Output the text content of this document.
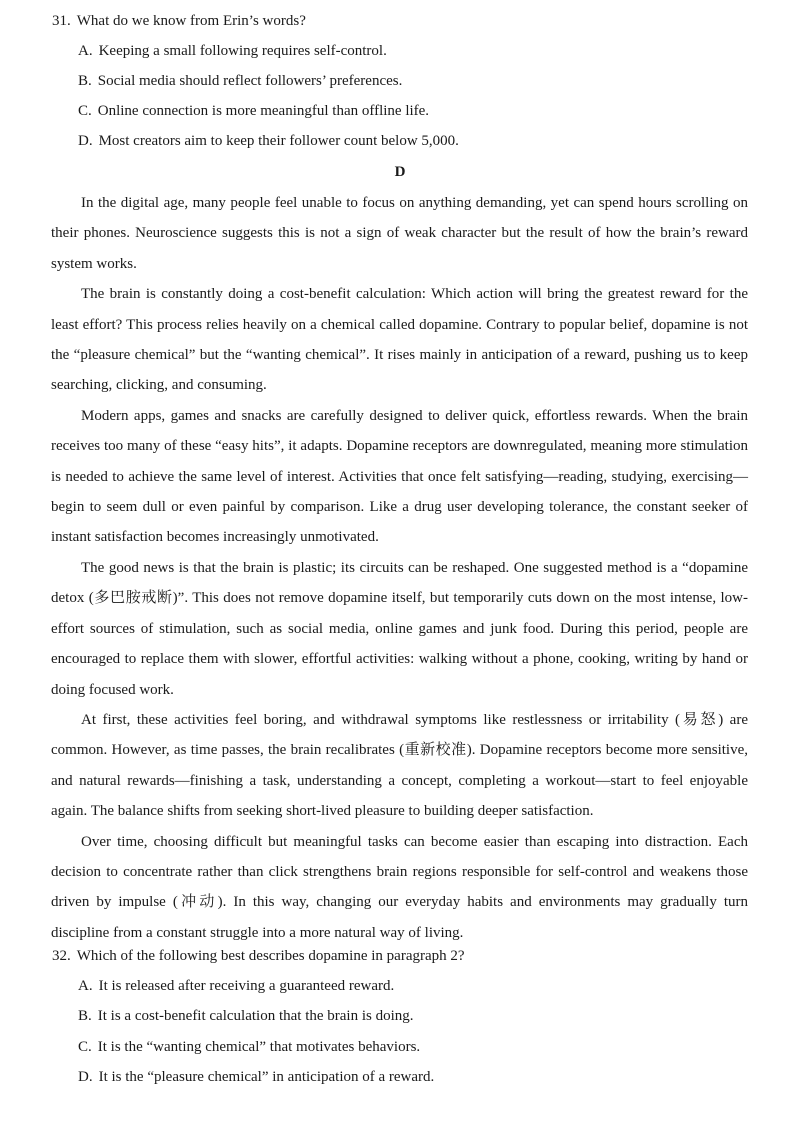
31. What do we know from Erin’s words?
A. Keeping a small following requires self-control.
B. Social media should reflect followers’ preferences.
C. Online connection is more meaningful than offline life.
D. Most creators aim to keep their follower count below 5,000.
D

In the digital age, many people feel unable to focus on anything demanding, yet can spend hours scrolling on their phones. Neuroscience suggests this is not a sign of weak character but the result of how the brain’s reward system works.

The brain is constantly doing a cost-benefit calculation: Which action will bring the greatest reward for the least effort? This process relies heavily on a chemical called dopamine. Contrary to popular belief, dopamine is not the “pleasure chemical” but the “wanting chemical”. It rises mainly in anticipation of a reward, pushing us to keep searching, clicking, and consuming.

Modern apps, games and snacks are carefully designed to deliver quick, effortless rewards. When the brain receives too many of these “easy hits”, it adapts. Dopamine receptors are downregulated, meaning more stimulation is needed to achieve the same level of interest. Activities that once felt satisfying—reading, studying, exercising—begin to seem dull or even painful by comparison. Like a drug user developing tolerance, the constant seeker of instant satisfaction becomes increasingly unmotivated.

The good news is that the brain is plastic; its circuits can be reshaped. One suggested method is a “dopamine detox (多巴胺戒断)”. This does not remove dopamine itself, but temporarily cuts down on the most intense, low-effort sources of stimulation, such as social media, online games and junk food. During this period, people are encouraged to replace them with slower, effortful activities: walking without a phone, cooking, writing by hand or doing focused work.

At first, these activities feel boring, and withdrawal symptoms like restlessness or irritability (易怒) are common. However, as time passes, the brain recalibrates (重新校准). Dopamine receptors become more sensitive, and natural rewards—finishing a task, understanding a concept, completing a workout—start to feel enjoyable again. The balance shifts from seeking short-lived pleasure to building deeper satisfaction.

Over time, choosing difficult but meaningful tasks can become easier than escaping into distraction. Each decision to concentrate rather than click strengthens brain regions responsible for self-control and weakens those driven by impulse (冲动). In this way, changing our everyday habits and environments may gradually turn discipline from a constant struggle into a more natural way of living.

32. Which of the following best describes dopamine in paragraph 2?
A. It is released after receiving a guaranteed reward.
B. It is a cost-benefit calculation that the brain is doing.
C. It is the “wanting chemical” that motivates behaviors.
D. It is the “pleasure chemical” in anticipation of a reward.
